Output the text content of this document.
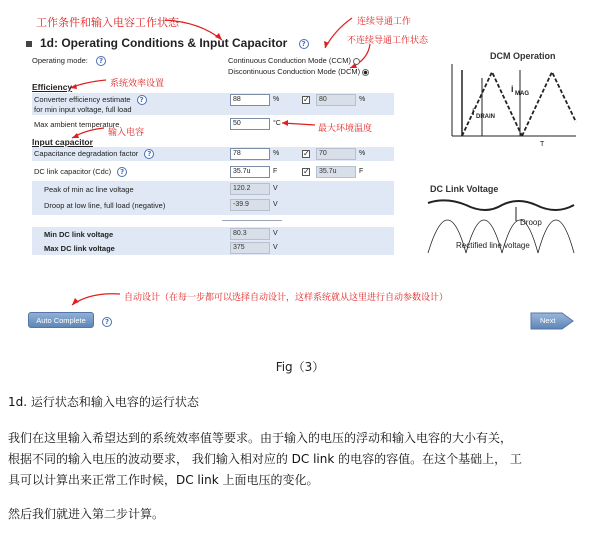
工作条件和输入电容工作状态	连续导通工作
不连续导通工作状态
系统效率设置
输入电容	最大环境温度
自动设计（在每一步都可以选择自动设计，这样系统就从这里进行自动参数设计）
1d: Operating Conditions & Input Capacitor ?
Operating mode: ?	Continuous Conduction Mode (CCM)
Discontinuous Conduction Mode (DCM)
Efficiency
Converter efficiency estimate ?
for min input voltage, full load
88	%	✓	80	%
Max ambient temperature	50	°C
Input capacitor
Capacitance degradation factor ?	78	%	✓	70	%
DC link capacitor (Cdc) ?	35.7u	F	✓	35.7u	F
Peak of min ac line voltage	120.2	V
Droop at low line, full load (negative)	-39.9	V
Min DC link voltage	80.3	V
Max DC link voltage	375	V
Auto Complete	?	Next
DCM Operation
i MAG
i DRAIN
T
DC Link Voltage
Droop
Rectified line voltage
Fig（3）
1d. 运行状态和输入电容的运行状态
我们在这里输入希望达到的系统效率值等要求。由于输入的电压的浮动和输入电容的大小有关，
根据不同的输入电压的波动要求， 我们输入相对应的 DC link 的电容的容值。在这个基础上， 工
具可以计算出来正常工作时候，DC link 上面电压的变化。
然后我们就进入第二步计算。
